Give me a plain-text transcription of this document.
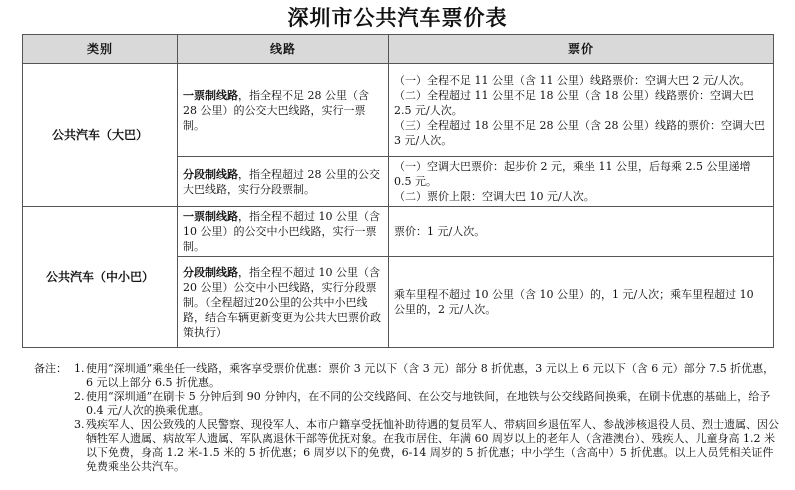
深圳市公共汽车票价表
类别	线路	票价
公共汽车（大巴）	一票制线路，指全程不足 28 公里（含 28 公里）的公交大巴线路，实行一票制。	（一）全程不足 11 公里（含 11 公里）线路票价：空调大巴 2 元/人次。
（二）全程超过 11 公里不足 18 公里（含 18 公里）线路票价：空调大巴 2.5 元/人次。
（三）全程超过 18 公里不足 28 公里（含 28 公里）线路的票价：空调大巴 3 元/人次。

	分段制线路，指全程超过 28 公里的公交大巴线路，实行分段票制。	（一）空调大巴票价：起步价 2 元，乘坐 11 公里，后每乘 2.5 公里递增 0.5 元。
（二）票价上限：空调大巴 10 元/人次。

公共汽车（中小巴）	一票制线路，指全程不超过 10 公里（含 10 公里）的公交中小巴线路，实行一票制。	票价：1 元/人次。
	分段制线路，指全程不超过 10 公里（含 20 公里）公交中小巴线路，实行分段票制。（全程超过20公里的公共中小巴线路，结合车辆更新变更为公共大巴票价政策执行）	乘车里程不超过 10 公里（含 10 公里）的，1 元/人次；乘车里程超过 10 公里的，2 元/人次。
备注： 1. 使用“深圳通”乘坐任一线路，乘客享受票价优惠：票价 3 元以下（含 3 元）部分 8 折优惠，3 元以上 6 元以下（含 6 元）部分 7.5 折优惠，6 元以上部分 6.5 折优惠。
2. 使用“深圳通”在刷卡 5 分钟后到 90 分钟内，在不同的公交线路间、在公交与地铁间，在地铁与公交线路间换乘，在刷卡优惠的基础上，给予 0.4 元/人次的换乘优惠。
3. 残疾军人、因公致残的人民警察、现役军人、本市户籍享受抚恤补助待遇的复员军人、带病回乡退伍军人、参战涉核退役人员、烈士遗属、因公牺牲军人遗属、病故军人遗属、军队离退休干部等优抚对象。在我市居住、年满 60 周岁以上的老年人（含港澳台）、残疾人、儿童身高 1.2 米以下免费，身高 1.2 米-1.5 米的 5 折优惠；6 周岁以下的免费，6-14 周岁的 5 折优惠；中小学生（含高中）5 折优惠。以上人员凭相关证件免费乘坐公共汽车。
